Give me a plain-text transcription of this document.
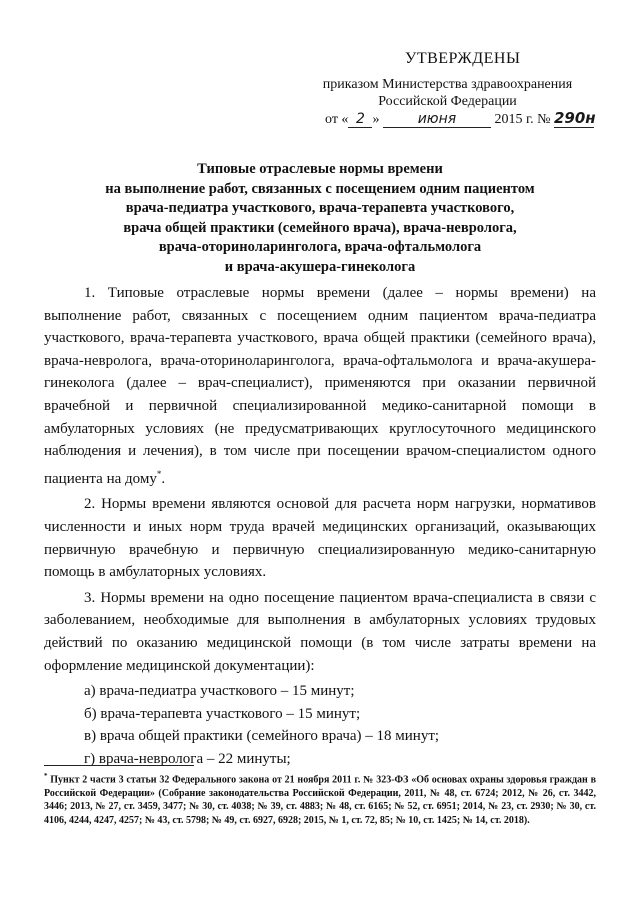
УТВЕРЖДЕНЫ
приказом Министерства здравоохранения
Российской Федерации
от « 2 »	июня	2015 г. № 290н
Типовые отраслевые нормы времени
на выполнение работ, связанных с посещением одним пациентом
врача-педиатра участкового, врача-терапевта участкового,
врача общей практики (семейного врача), врача-невролога,
врача-оториноларинголога, врача-офтальмолога
и врача-акушера-гинеколога

1. Типовые отраслевые нормы времени (далее – нормы времени) на выполнение работ, связанных с посещением одним пациентом врача-педиатра участкового, врача-терапевта участкового, врача общей практики (семейного врача), врача-невролога, врача-оториноларинголога, врача-офтальмолога и врача-акушера-гинеколога (далее – врач-специалист), применяются при оказании первичной врачебной и первичной специализированной медико-санитарной помощи в амбулаторных условиях (не предусматривающих круглосуточного медицинского наблюдения и лечения), в том числе при посещении врачом-специалистом одного пациента на дому*.

2. Нормы времени являются основой для расчета норм нагрузки, нормативов численности и иных норм труда врачей медицинских организаций, оказывающих первичную врачебную и первичную специализированную медико-санитарную помощь в амбулаторных условиях.

3. Нормы времени на одно посещение пациентом врача-специалиста в связи с заболеванием, необходимые для выполнения в амбулаторных условиях трудовых действий по оказанию медицинской помощи (в том числе затраты времени на оформление медицинской документации):

а) врача-педиатра участкового – 15 минут;

б) врача-терапевта участкового – 15 минут;

в) врача общей практики (семейного врача) – 18 минут;

г) врача-невролога – 22 минуты;

* Пункт 2 части 3 статьи 32 Федерального закона от 21 ноября 2011 г. № 323-ФЗ «Об основах охраны здоровья граждан в Российской Федерации» (Собрание законодательства Российской Федерации, 2011, № 48, ст. 6724; 2012, № 26, ст. 3442, 3446; 2013, № 27, ст. 3459, 3477; № 30, ст. 4038; № 39, ст. 4883; № 48, ст. 6165; № 52, ст. 6951; 2014, № 23, ст. 2930; № 30, ст. 4106, 4244, 4247, 4257; № 43, ст. 5798; № 49, ст. 6927, 6928; 2015, № 1, ст. 72, 85; № 10, ст. 1425; № 14, ст. 2018).
